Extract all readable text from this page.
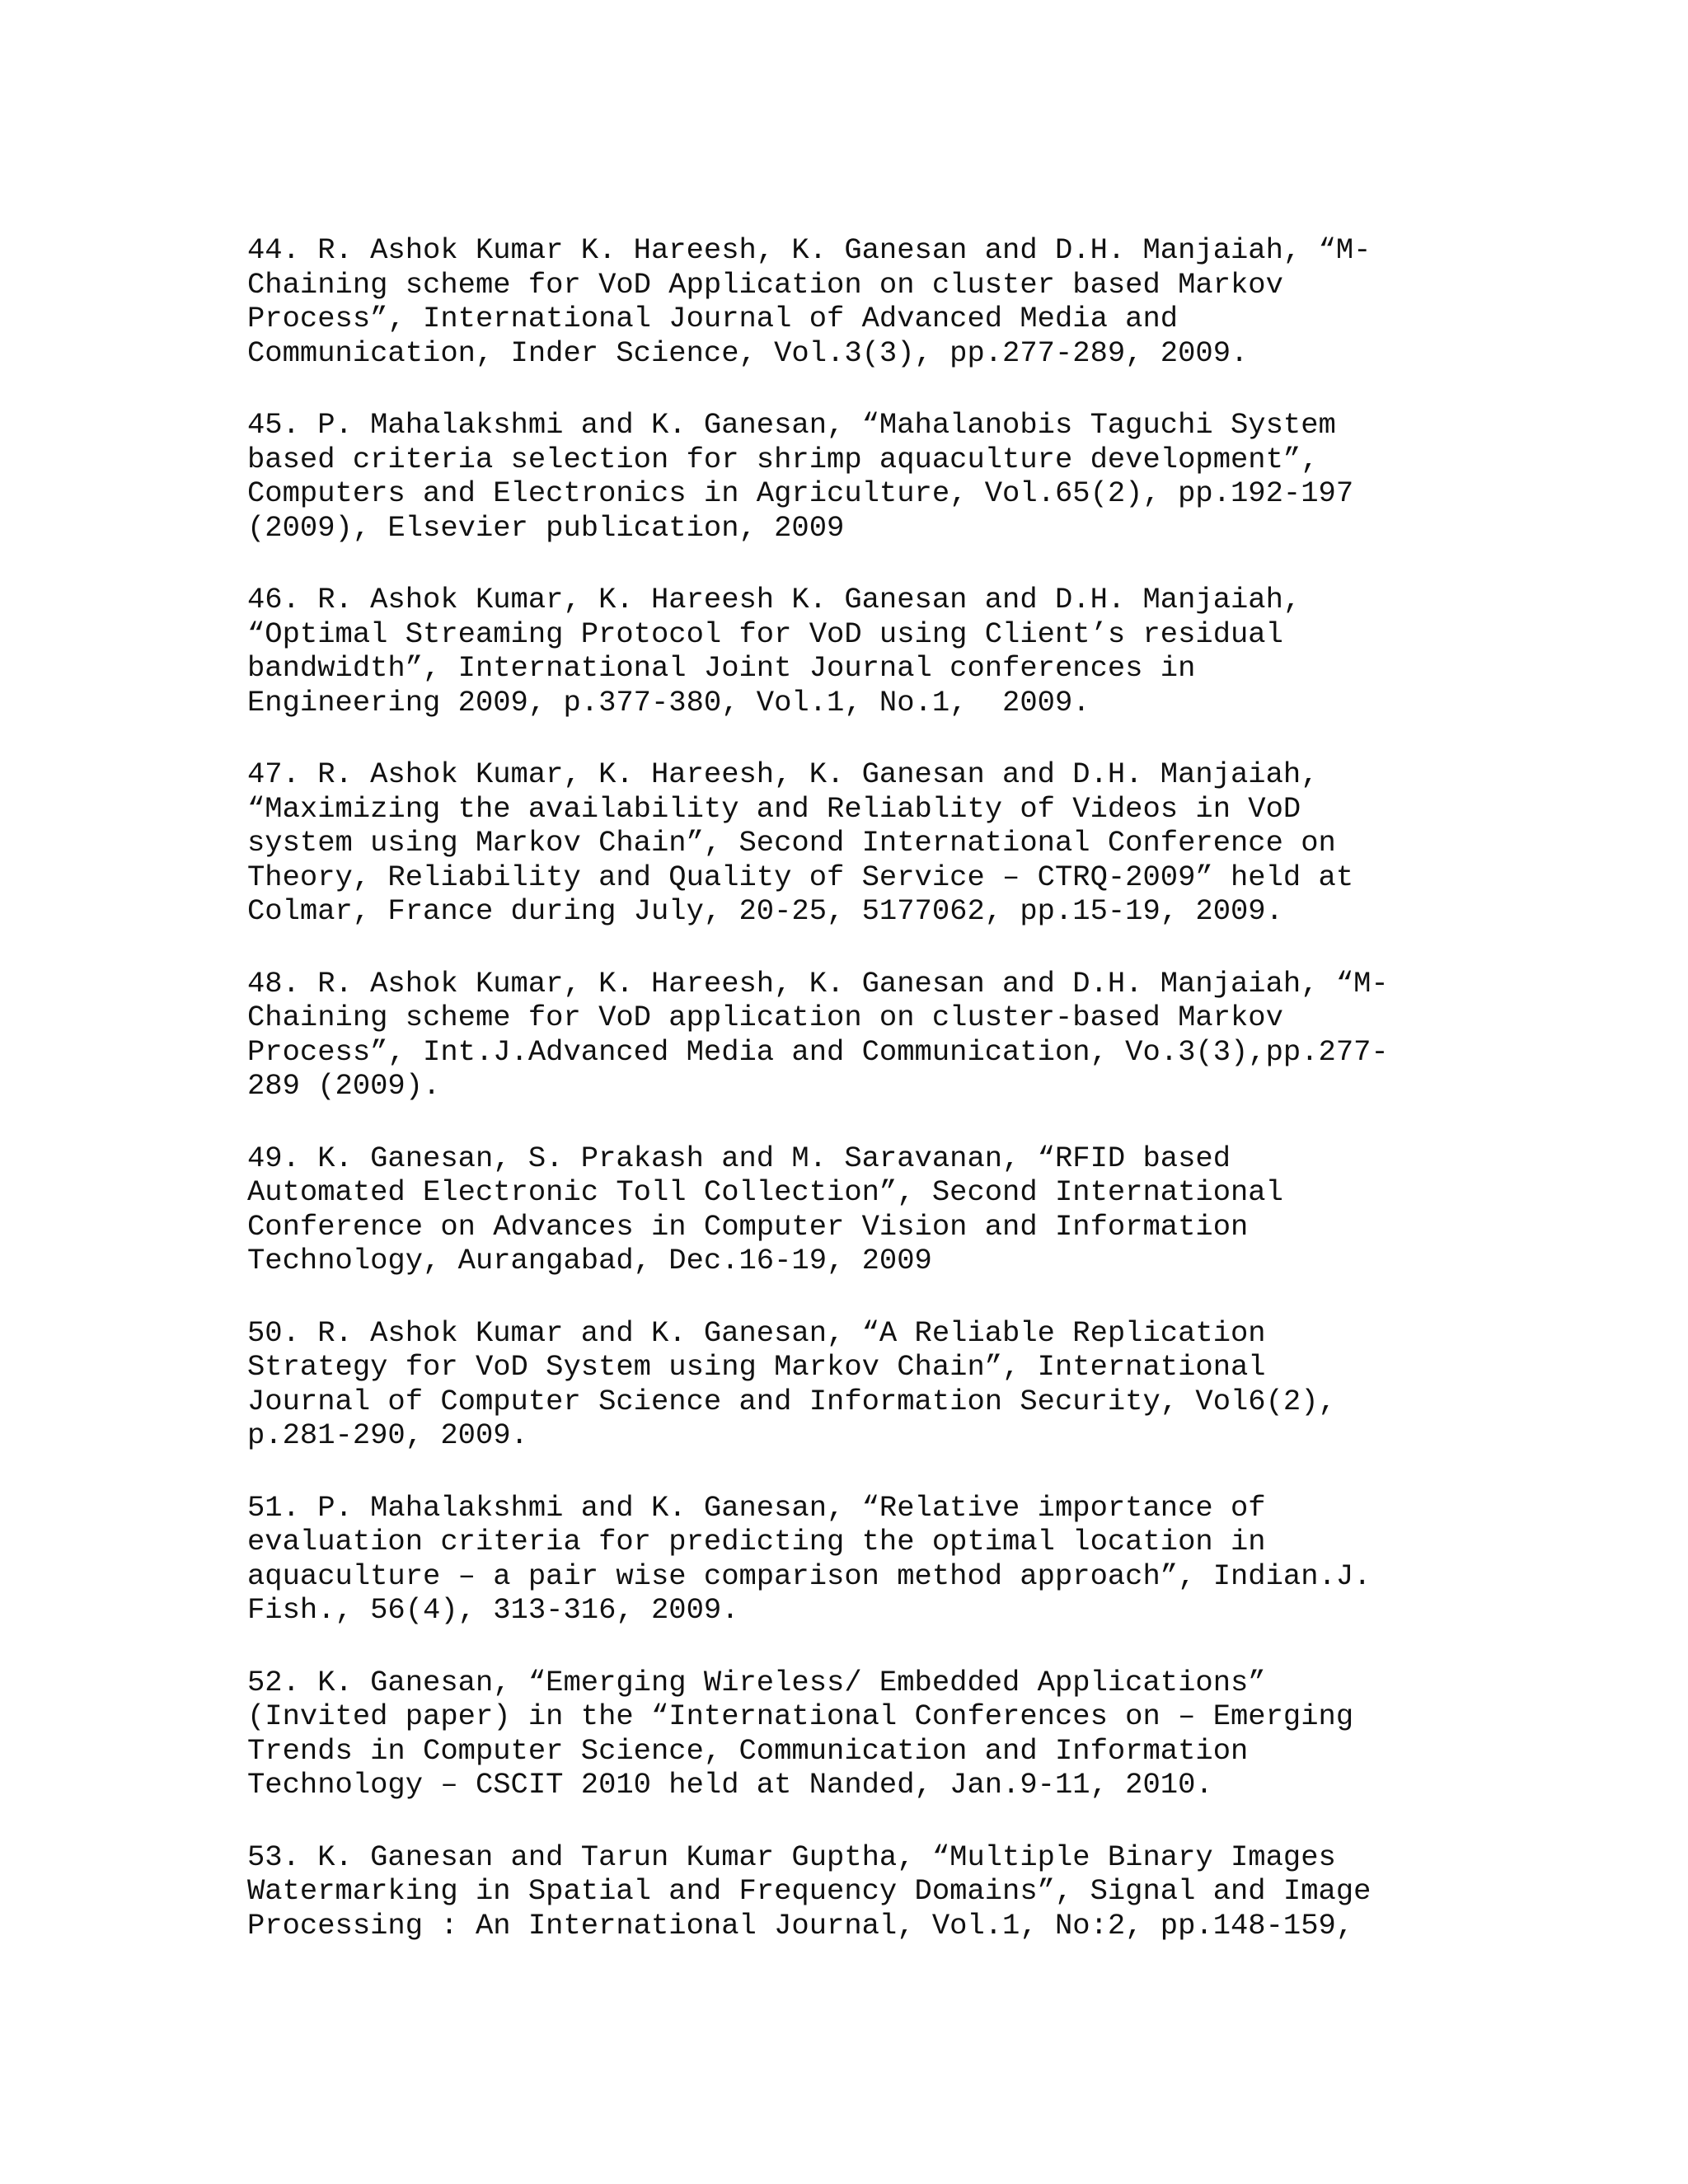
44. R. Ashok Kumar K. Hareesh, K. Ganesan and D.H. Manjaiah, “M-
Chaining scheme for VoD Application on cluster based Markov
Process”, International Journal of Advanced Media and
Communication, Inder Science, Vol.3(3), pp.277-289, 2009.
45. P. Mahalakshmi and K. Ganesan, “Mahalanobis Taguchi System
based criteria selection for shrimp aquaculture development”,
Computers and Electronics in Agriculture, Vol.65(2), pp.192-197
(2009), Elsevier publication, 2009
46. R. Ashok Kumar, K. Hareesh K. Ganesan and D.H. Manjaiah,
“Optimal Streaming Protocol for VoD using Client’s residual
bandwidth”, International Joint Journal conferences in
Engineering 2009, p.377-380, Vol.1, No.1,  2009.
47. R. Ashok Kumar, K. Hareesh, K. Ganesan and D.H. Manjaiah,
“Maximizing the availability and Reliablity of Videos in VoD
system using Markov Chain”, Second International Conference on
Theory, Reliability and Quality of Service – CTRQ-2009” held at
Colmar, France during July, 20-25, 5177062, pp.15-19, 2009.
48. R. Ashok Kumar, K. Hareesh, K. Ganesan and D.H. Manjaiah, “M-
Chaining scheme for VoD application on cluster-based Markov
Process”, Int.J.Advanced Media and Communication, Vo.3(3),pp.277-
289 (2009).
49. K. Ganesan, S. Prakash and M. Saravanan, “RFID based
Automated Electronic Toll Collection”, Second International
Conference on Advances in Computer Vision and Information
Technology, Aurangabad, Dec.16-19, 2009
50. R. Ashok Kumar and K. Ganesan, “A Reliable Replication
Strategy for VoD System using Markov Chain”, International
Journal of Computer Science and Information Security, Vol6(2),
p.281-290, 2009.
51. P. Mahalakshmi and K. Ganesan, “Relative importance of
evaluation criteria for predicting the optimal location in
aquaculture – a pair wise comparison method approach”, Indian.J.
Fish., 56(4), 313-316, 2009.
52. K. Ganesan, “Emerging Wireless/ Embedded Applications”
(Invited paper) in the “International Conferences on – Emerging
Trends in Computer Science, Communication and Information
Technology – CSCIT 2010 held at Nanded, Jan.9-11, 2010.
53. K. Ganesan and Tarun Kumar Guptha, “Multiple Binary Images
Watermarking in Spatial and Frequency Domains”, Signal and Image
Processing : An International Journal, Vol.1, No:2, pp.148-159,
